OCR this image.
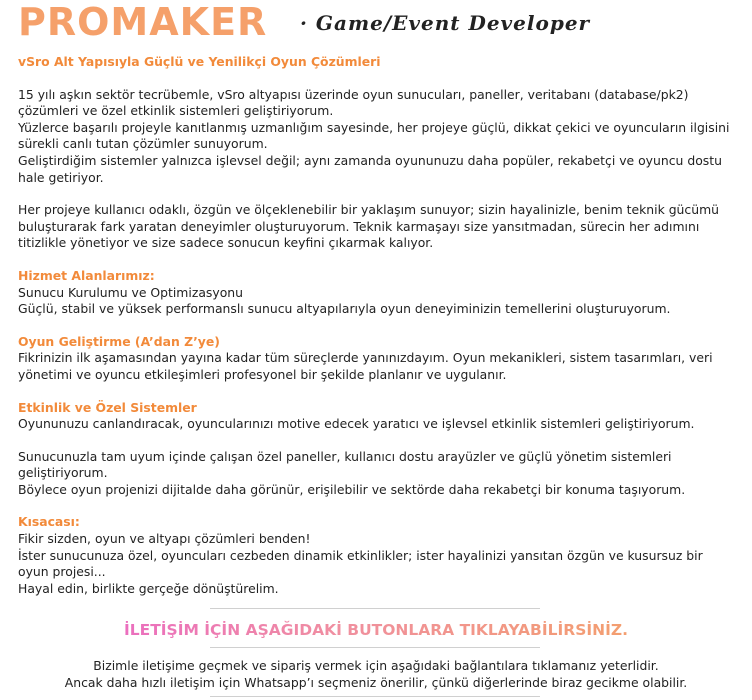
PROMAKER · Game/Event Developer

vSro Alt Yapısıyla Güçlü ve Yenilikçi Oyun Çözümleri

15 yılı aşkın sektör tecrübemle, vSro altyapısı üzerinde oyun sunucuları, paneller, veritabanı (database/pk2) çözümleri ve özel etkinlik sistemleri geliştiriyorum.

Yüzlerce başarılı projeyle kanıtlanmış uzmanlığım sayesinde, her projeye güçlü, dikkat çekici ve oyuncuların ilgisini sürekli canlı tutan çözümler sunuyorum.

Geliştirdiğim sistemler yalnızca işlevsel değil; aynı zamanda oyununuzu daha popüler, rekabetçi ve oyuncu dostu hale getiriyor.

Her projeye kullanıcı odaklı, özgün ve ölçeklenebilir bir yaklaşım sunuyor; sizin hayalinizle, benim teknik gücümü buluşturarak fark yaratan deneyimler oluşturuyorum. Teknik karmaşayı size yansıtmadan, sürecin her adımını titizlikle yönetiyor ve size sadece sonucun keyfini çıkarmak kalıyor.

Hizmet Alanlarımız:

Sunucu Kurulumu ve Optimizasyonu

Güçlü, stabil ve yüksek performanslı sunucu altyapılarıyla oyun deneyiminizin temellerini oluşturuyorum.

Oyun Geliştirme (A’dan Z’ye)

Fikrinizin ilk aşamasından yayına kadar tüm süreçlerde yanınızdayım. Oyun mekanikleri, sistem tasarımları, veri yönetimi ve oyuncu etkileşimleri profesyonel bir şekilde planlanır ve uygulanır.

Etkinlik ve Özel Sistemler

Oyununuzu canlandıracak, oyuncularınızı motive edecek yaratıcı ve işlevsel etkinlik sistemleri geliştiriyorum.

Sunucunuzla tam uyum içinde çalışan özel paneller, kullanıcı dostu arayüzler ve güçlü yönetim sistemleri geliştiriyorum.

Böylece oyun projenizi dijitalde daha görünür, erişilebilir ve sektörde daha rekabetçi bir konuma taşıyorum.

Kısacası:

Fikir sizden, oyun ve altyapı çözümleri benden!

İster sunucunuza özel, oyuncuları cezbeden dinamik etkinlikler; ister hayalinizi yansıtan özgün ve kusursuz bir oyun projesi...

Hayal edin, birlikte gerçeğe dönüştürelim.

İLETİŞİM İÇİN AŞAĞIDAKİ BUTONLARA TIKLAYABİLİRSİNİZ.
Bizimle iletişime geçmek ve sipariş vermek için aşağıdaki bağlantılara tıklamanız yeterlidir.
Ancak daha hızlı iletişim için Whatsapp’ı seçmeniz önerilir, çünkü diğerlerinde biraz gecikme olabilir.
